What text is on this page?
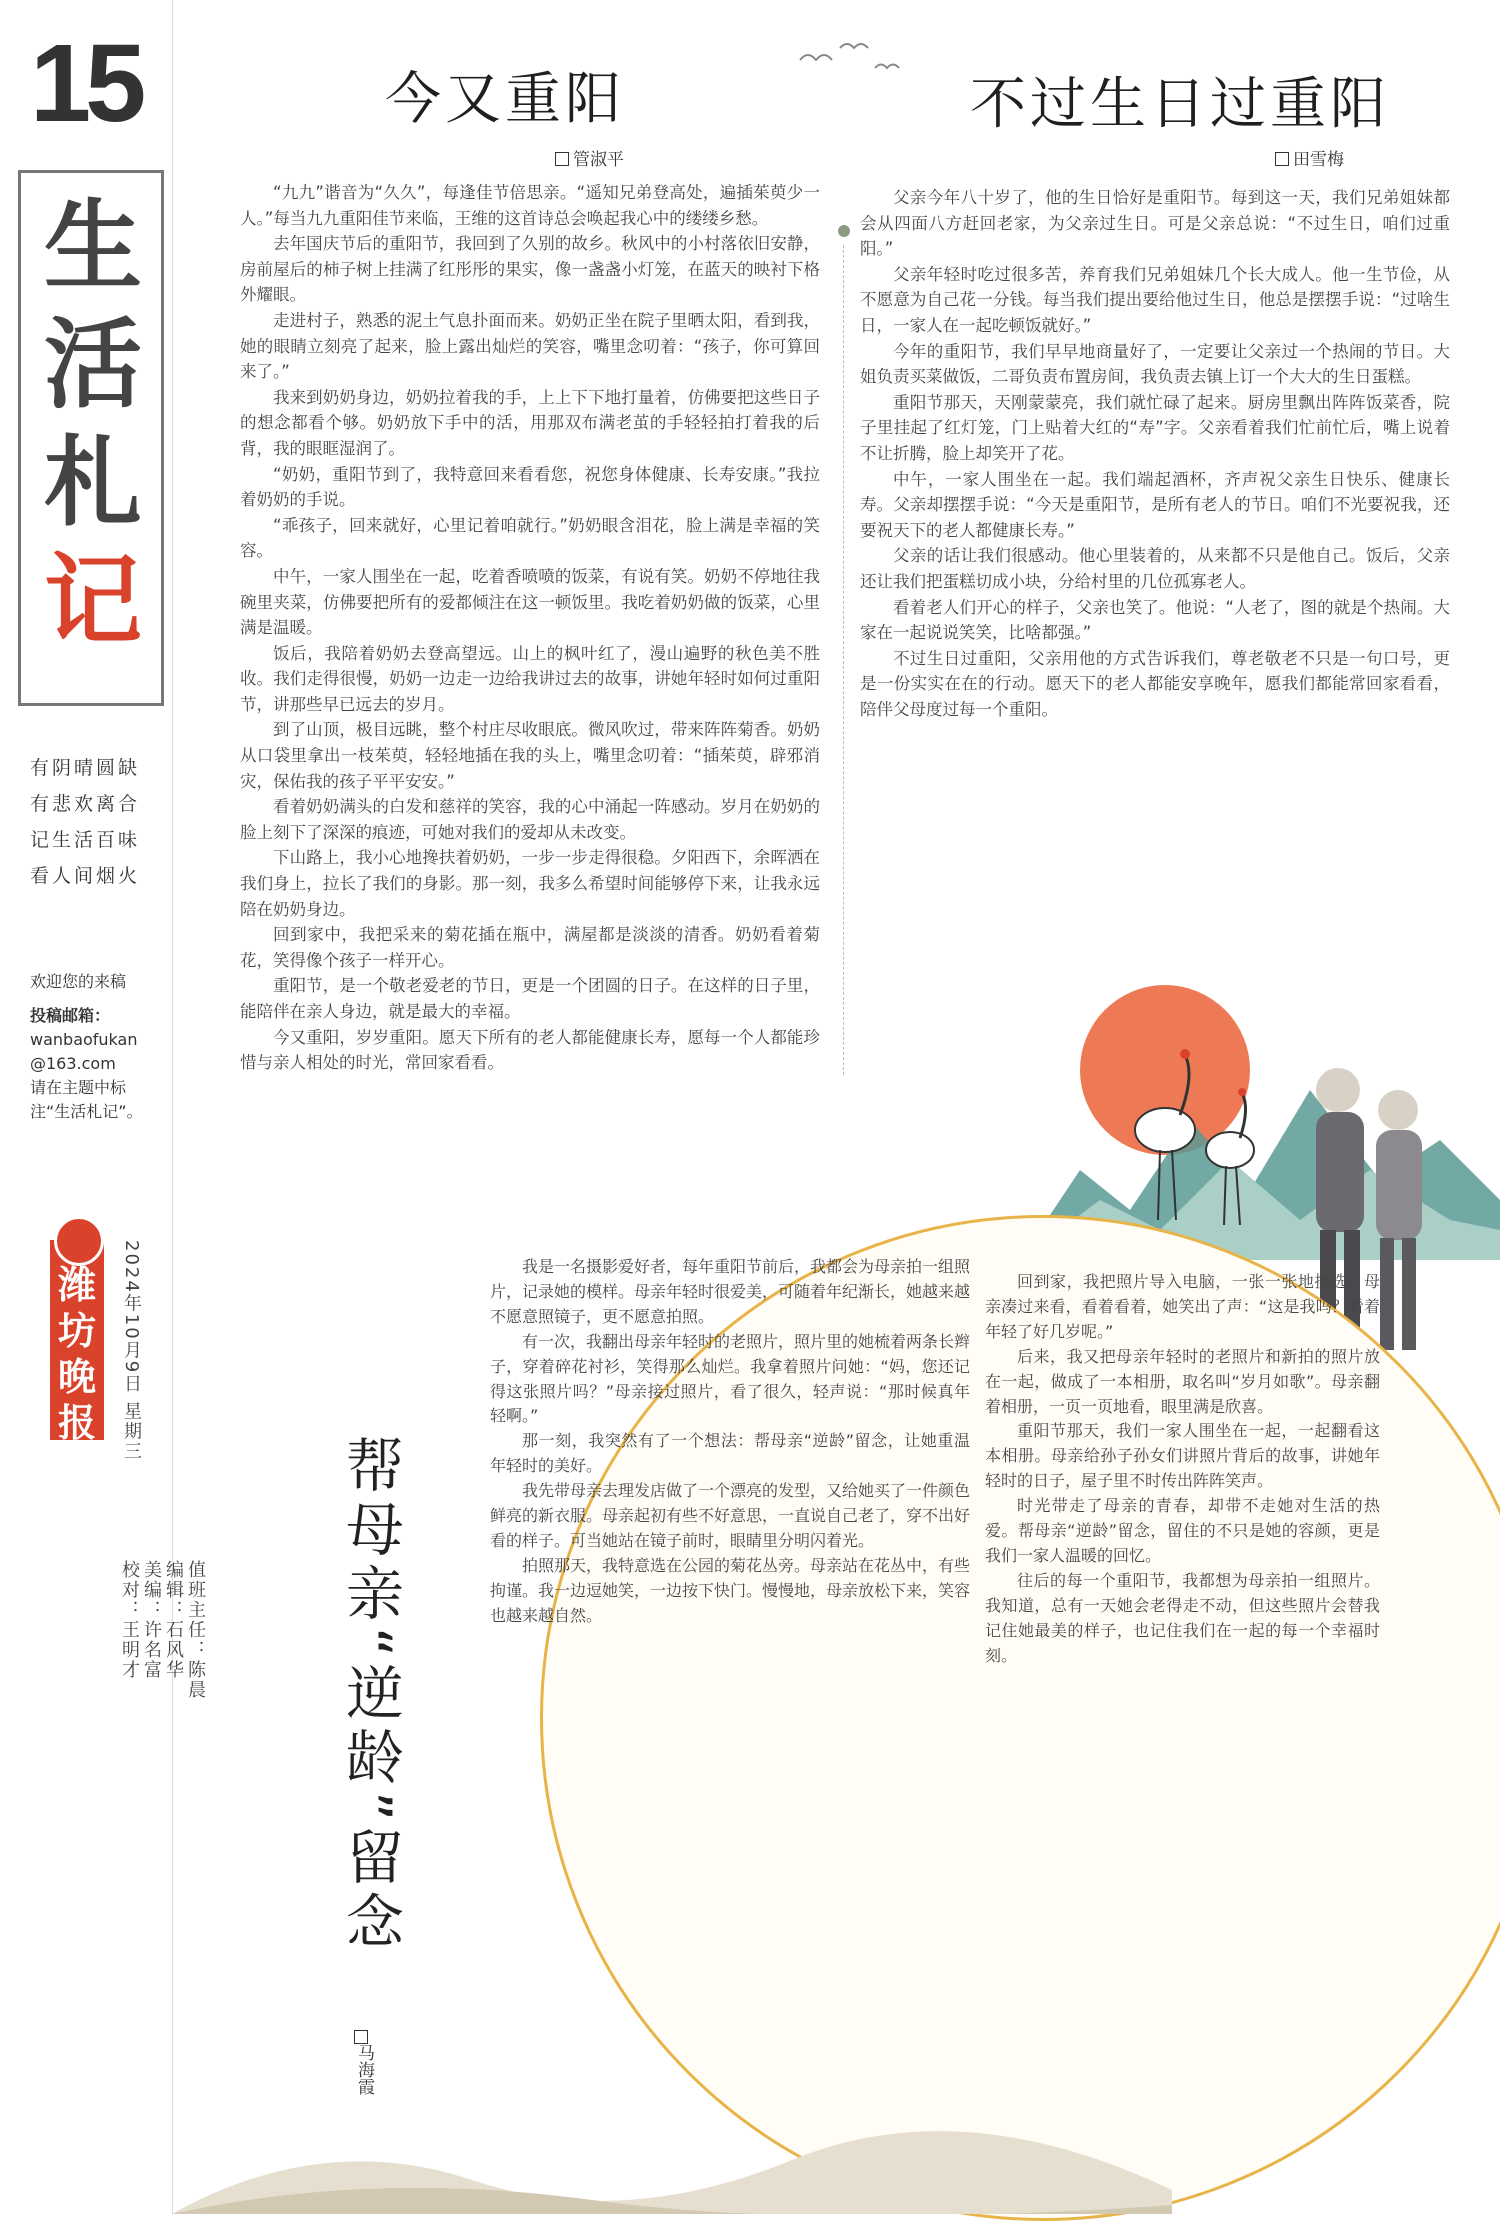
15
生
活
札
记
有阴晴圆缺
有悲欢离合
记生活百味
看人间烟火
欢迎您的来稿
投稿邮箱：
wanbaofukan
@163.com
请在主题中标注“生活札记”。
潍坊晚报 2024年10月9日 星期三
值班主任：陈晨
编辑：石风华
美编：许名富
校对：王明才
今又重阳
管淑平

“九九”谐音为“久久”，每逢佳节倍思亲。“遥知兄弟登高处，遍插茱萸少一人。”每当九九重阳佳节来临，王维的这首诗总会唤起我心中的缕缕乡愁。

去年国庆节后的重阳节，我回到了久别的故乡。秋风中的小村落依旧安静，房前屋后的柿子树上挂满了红彤彤的果实，像一盏盏小灯笼，在蓝天的映衬下格外耀眼。

走进村子，熟悉的泥土气息扑面而来。奶奶正坐在院子里晒太阳，看到我，她的眼睛立刻亮了起来，脸上露出灿烂的笑容，嘴里念叨着：“孩子，你可算回来了。”

我来到奶奶身边，奶奶拉着我的手，上上下下地打量着，仿佛要把这些日子的想念都看个够。奶奶放下手中的活，用那双布满老茧的手轻轻拍打着我的后背，我的眼眶湿润了。

“奶奶，重阳节到了，我特意回来看看您，祝您身体健康、长寿安康。”我拉着奶奶的手说。

“乖孩子，回来就好，心里记着咱就行。”奶奶眼含泪花，脸上满是幸福的笑容。

中午，一家人围坐在一起，吃着香喷喷的饭菜，有说有笑。奶奶不停地往我碗里夹菜，仿佛要把所有的爱都倾注在这一顿饭里。我吃着奶奶做的饭菜，心里满是温暖。

饭后，我陪着奶奶去登高望远。山上的枫叶红了，漫山遍野的秋色美不胜收。我们走得很慢，奶奶一边走一边给我讲过去的故事，讲她年轻时如何过重阳节，讲那些早已远去的岁月。

到了山顶，极目远眺，整个村庄尽收眼底。微风吹过，带来阵阵菊香。奶奶从口袋里拿出一枝茱萸，轻轻地插在我的头上，嘴里念叨着：“插茱萸，辟邪消灾，保佑我的孩子平平安安。”

看着奶奶满头的白发和慈祥的笑容，我的心中涌起一阵感动。岁月在奶奶的脸上刻下了深深的痕迹，可她对我们的爱却从未改变。

下山路上，我小心地搀扶着奶奶，一步一步走得很稳。夕阳西下，余晖洒在我们身上，拉长了我们的身影。那一刻，我多么希望时间能够停下来，让我永远陪在奶奶身边。

回到家中，我把采来的菊花插在瓶中，满屋都是淡淡的清香。奶奶看着菊花，笑得像个孩子一样开心。

重阳节，是一个敬老爱老的节日，更是一个团圆的日子。在这样的日子里，能陪伴在亲人身边，就是最大的幸福。

今又重阳，岁岁重阳。愿天下所有的老人都能健康长寿，愿每一个人都能珍惜与亲人相处的时光，常回家看看。

不过生日过重阳
田雪梅

父亲今年八十岁了，他的生日恰好是重阳节。每到这一天，我们兄弟姐妹都会从四面八方赶回老家，为父亲过生日。可是父亲总说：“不过生日，咱们过重阳。”

父亲年轻时吃过很多苦，养育我们兄弟姐妹几个长大成人。他一生节俭，从不愿意为自己花一分钱。每当我们提出要给他过生日，他总是摆摆手说：“过啥生日，一家人在一起吃顿饭就好。”

今年的重阳节，我们早早地商量好了，一定要让父亲过一个热闹的节日。大姐负责买菜做饭，二哥负责布置房间，我负责去镇上订一个大大的生日蛋糕。

重阳节那天，天刚蒙蒙亮，我们就忙碌了起来。厨房里飘出阵阵饭菜香，院子里挂起了红灯笼，门上贴着大红的“寿”字。父亲看着我们忙前忙后，嘴上说着不让折腾，脸上却笑开了花。

中午，一家人围坐在一起。我们端起酒杯，齐声祝父亲生日快乐、健康长寿。父亲却摆摆手说：“今天是重阳节，是所有老人的节日。咱们不光要祝我，还要祝天下的老人都健康长寿。”

父亲的话让我们很感动。他心里装着的，从来都不只是他自己。饭后，父亲还让我们把蛋糕切成小块，分给村里的几位孤寡老人。

看着老人们开心的样子，父亲也笑了。他说：“人老了，图的就是个热闹。大家在一起说说笑笑，比啥都强。”

不过生日过重阳，父亲用他的方式告诉我们，尊老敬老不只是一句口号，更是一份实实在在的行动。愿天下的老人都能安享晚年，愿我们都能常回家看看，陪伴父母度过每一个重阳。

帮母亲“逆龄”留念
马海霞

我是一名摄影爱好者，每年重阳节前后，我都会为母亲拍一组照片，记录她的模样。母亲年轻时很爱美，可随着年纪渐长，她越来越不愿意照镜子，更不愿意拍照。

有一次，我翻出母亲年轻时的老照片，照片里的她梳着两条长辫子，穿着碎花衬衫，笑得那么灿烂。我拿着照片问她：“妈，您还记得这张照片吗？”母亲接过照片，看了很久，轻声说：“那时候真年轻啊。”

那一刻，我突然有了一个想法：帮母亲“逆龄”留念，让她重温年轻时的美好。

我先带母亲去理发店做了一个漂亮的发型，又给她买了一件颜色鲜亮的新衣服。母亲起初有些不好意思，一直说自己老了，穿不出好看的样子。可当她站在镜子前时，眼睛里分明闪着光。

拍照那天，我特意选在公园的菊花丛旁。母亲站在花丛中，有些拘谨。我一边逗她笑，一边按下快门。慢慢地，母亲放松下来，笑容也越来越自然。

回到家，我把照片导入电脑，一张一张地挑选。母亲凑过来看，看着看着，她笑出了声：“这是我吗？看着年轻了好几岁呢。”

后来，我又把母亲年轻时的老照片和新拍的照片放在一起，做成了一本相册，取名叫“岁月如歌”。母亲翻着相册，一页一页地看，眼里满是欣喜。

重阳节那天，我们一家人围坐在一起，一起翻看这本相册。母亲给孙子孙女们讲照片背后的故事，讲她年轻时的日子，屋子里不时传出阵阵笑声。

时光带走了母亲的青春，却带不走她对生活的热爱。帮母亲“逆龄”留念，留住的不只是她的容颜，更是我们一家人温暖的回忆。

往后的每一个重阳节，我都想为母亲拍一组照片。我知道，总有一天她会老得走不动，但这些照片会替我记住她最美的样子，也记住我们在一起的每一个幸福时刻。
